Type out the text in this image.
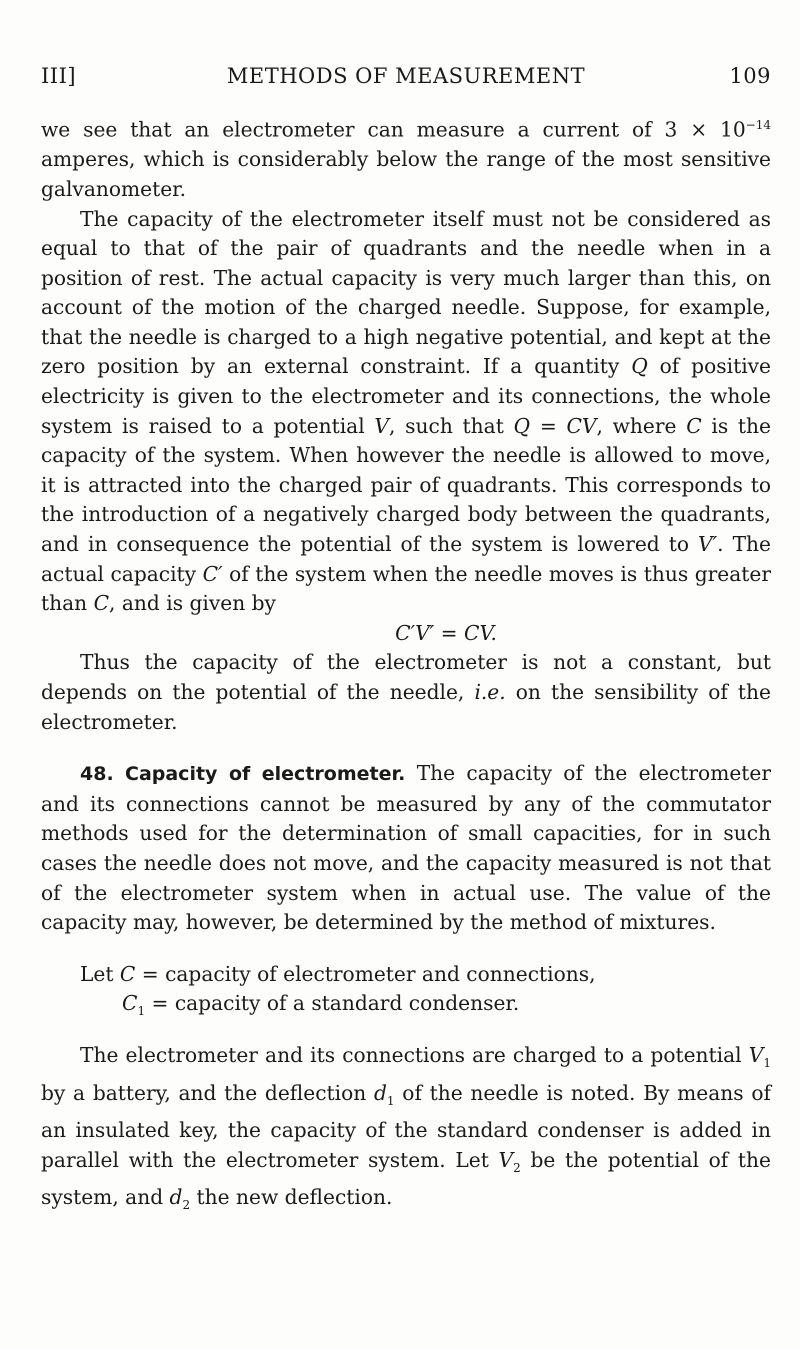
III]	METHODS OF MEASUREMENT	109

we see that an electrometer can measure a current of $3 \times 10^{-14}$ amperes, which is considerably below the range of the most sensitive galvanometer.

The capacity of the electrometer itself must not be considered as equal to that of the pair of quadrants and the needle when in a position of rest. The actual capacity is very much larger than this, on account of the motion of the charged needle. Suppose, for example, that the needle is charged to a high negative potential, and kept at the zero position by an external constraint. If a quantity Q of positive electricity is given to the electrometer and its connections, the whole system is raised to a potential V, such that Q = CV, where C is the capacity of the system. When however the needle is allowed to move, it is attracted into the charged pair of quadrants. This corresponds to the introduction of a negatively charged body between the quadrants, and in consequence the potential of the system is lowered to V′. The actual capacity C′ of the system when the needle moves is thus greater than C, and is given by

C′V′ = CV.

Thus the capacity of the electrometer is not a constant, but depends on the potential of the needle, i.e. on the sensibility of the electrometer.

48. Capacity of electrometer. The capacity of the electrometer and its connections cannot be measured by any of the commutator methods used for the determination of small capacities, for in such cases the needle does not move, and the capacity measured is not that of the electrometer system when in actual use. The value of the capacity may, however, be determined by the method of mixtures.

Let C = capacity of electrometer and connections,

$C_1$ = capacity of a standard condenser.

The electrometer and its connections are charged to a potential $V_1$ by a battery, and the deflection $d_1$ of the needle is noted. By means of an insulated key, the capacity of the standard condenser is added in parallel with the electrometer system. Let $V_2$ be the potential of the system, and $d_2$ the new deflection.
